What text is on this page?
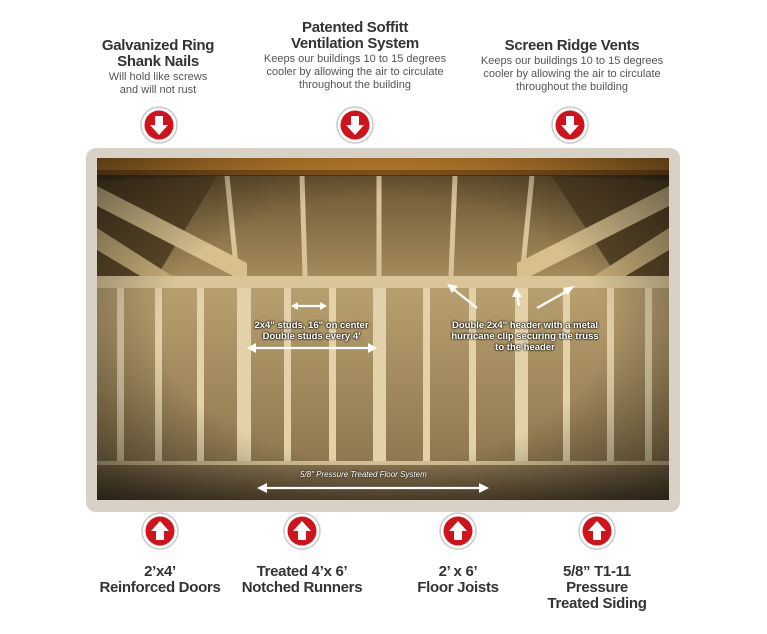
Galvanized Ring
Shank Nails
Will hold like screws
and will not rust
Patented Soffitt
Ventilation System
Keeps our buildings 10 to 15 degrees
cooler by allowing the air to circulate
throughout the building
Screen Ridge Vents
Keeps our buildings 10 to 15 degrees
cooler by allowing the air to circulate
throughout the building
2x4" studs, 16" on center
Double studs every 4'
Double 2x4" header with a metal
hurricane clip securing the truss
to the header
5/8" Pressure Treated Floor System
2’x4’
Reinforced Doors
Treated 4’x 6’
Notched Runners
2’ x 6’
Floor Joists
5/8” T1-11
Pressure
Treated Siding
